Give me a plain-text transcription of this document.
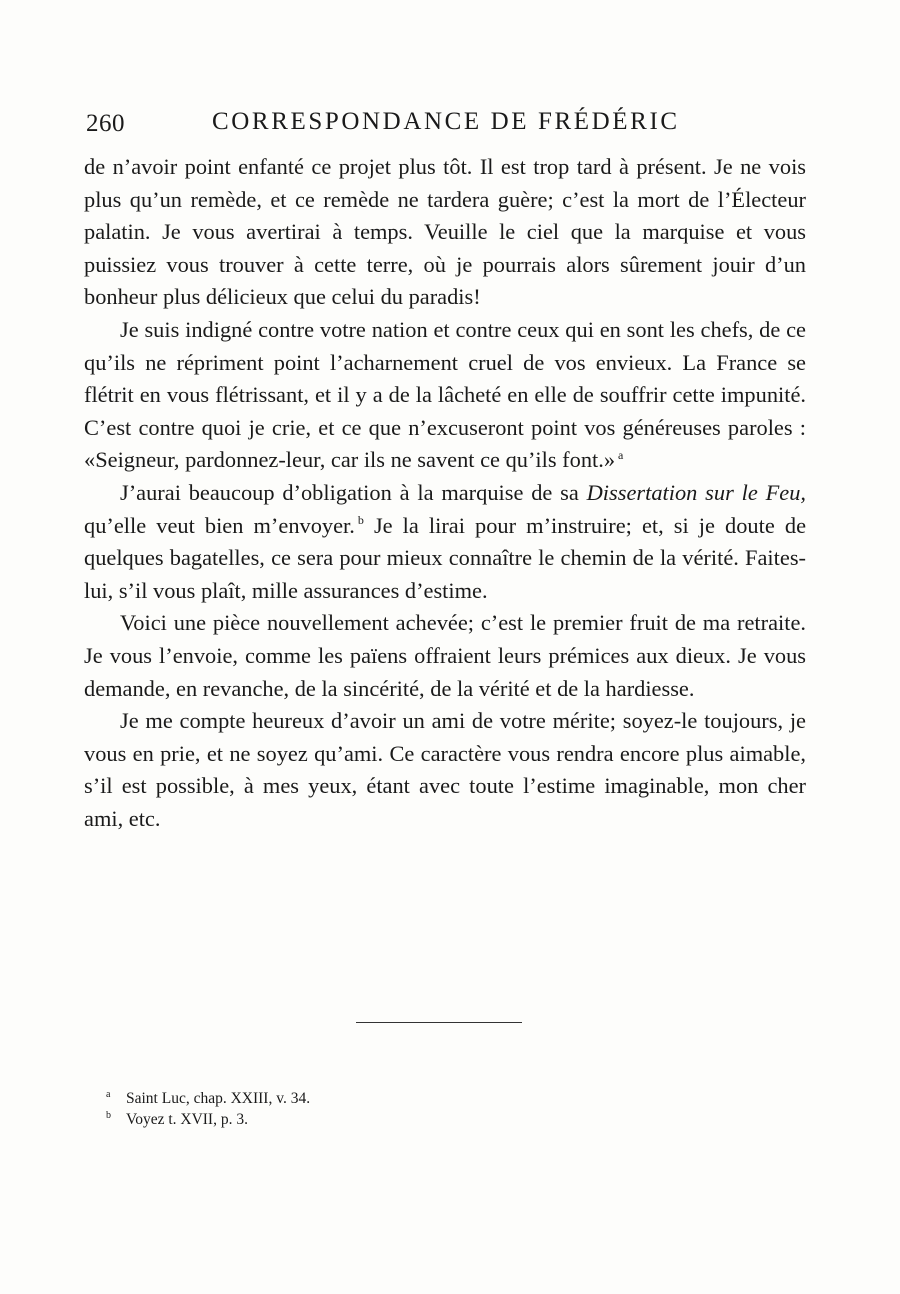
260	CORRESPONDANCE DE FRÉDÉRIC

de n’avoir point enfanté ce projet plus tôt. Il est trop tard à présent. Je ne vois plus qu’un remède, et ce remède ne tardera guère; c’est la mort de l’Électeur palatin. Je vous avertirai à temps. Veuille le ciel que la marquise et vous puissiez vous trouver à cette terre, où je pourrais alors sûrement jouir d’un bonheur plus délicieux que celui du paradis!

Je suis indigné contre votre nation et contre ceux qui en sont les chefs, de ce qu’ils ne répriment point l’acharnement cruel de vos envieux. La France se flétrit en vous flétrissant, et il y a de la lâcheté en elle de souffrir cette impunité. C’est contre quoi je crie, et ce que n’excuseront point vos généreuses paroles : «Seigneur, pardonnez-leur, car ils ne savent ce qu’ils font.» $^a$

J’aurai beaucoup d’obligation à la marquise de sa Dissertation sur le Feu, qu’elle veut bien m’envoyer. $^b$ Je la lirai pour m’instruire; et, si je doute de quelques bagatelles, ce sera pour mieux connaître le chemin de la vérité. Faites-lui, s’il vous plaît, mille assurances d’estime.

Voici une pièce nouvellement achevée; c’est le premier fruit de ma retraite. Je vous l’envoie, comme les païens offraient leurs prémices aux dieux. Je vous demande, en revanche, de la sincérité, de la vérité et de la hardiesse.

Je me compte heureux d’avoir un ami de votre mérite; soyez-le toujours, je vous en prie, et ne soyez qu’ami. Ce caractère vous rendra encore plus aimable, s’il est possible, à mes yeux, étant avec toute l’estime imaginable, mon cher ami, etc.

a Saint Luc, chap. XXIII, v. 34.
b Voyez t. XVII, p. 3.
